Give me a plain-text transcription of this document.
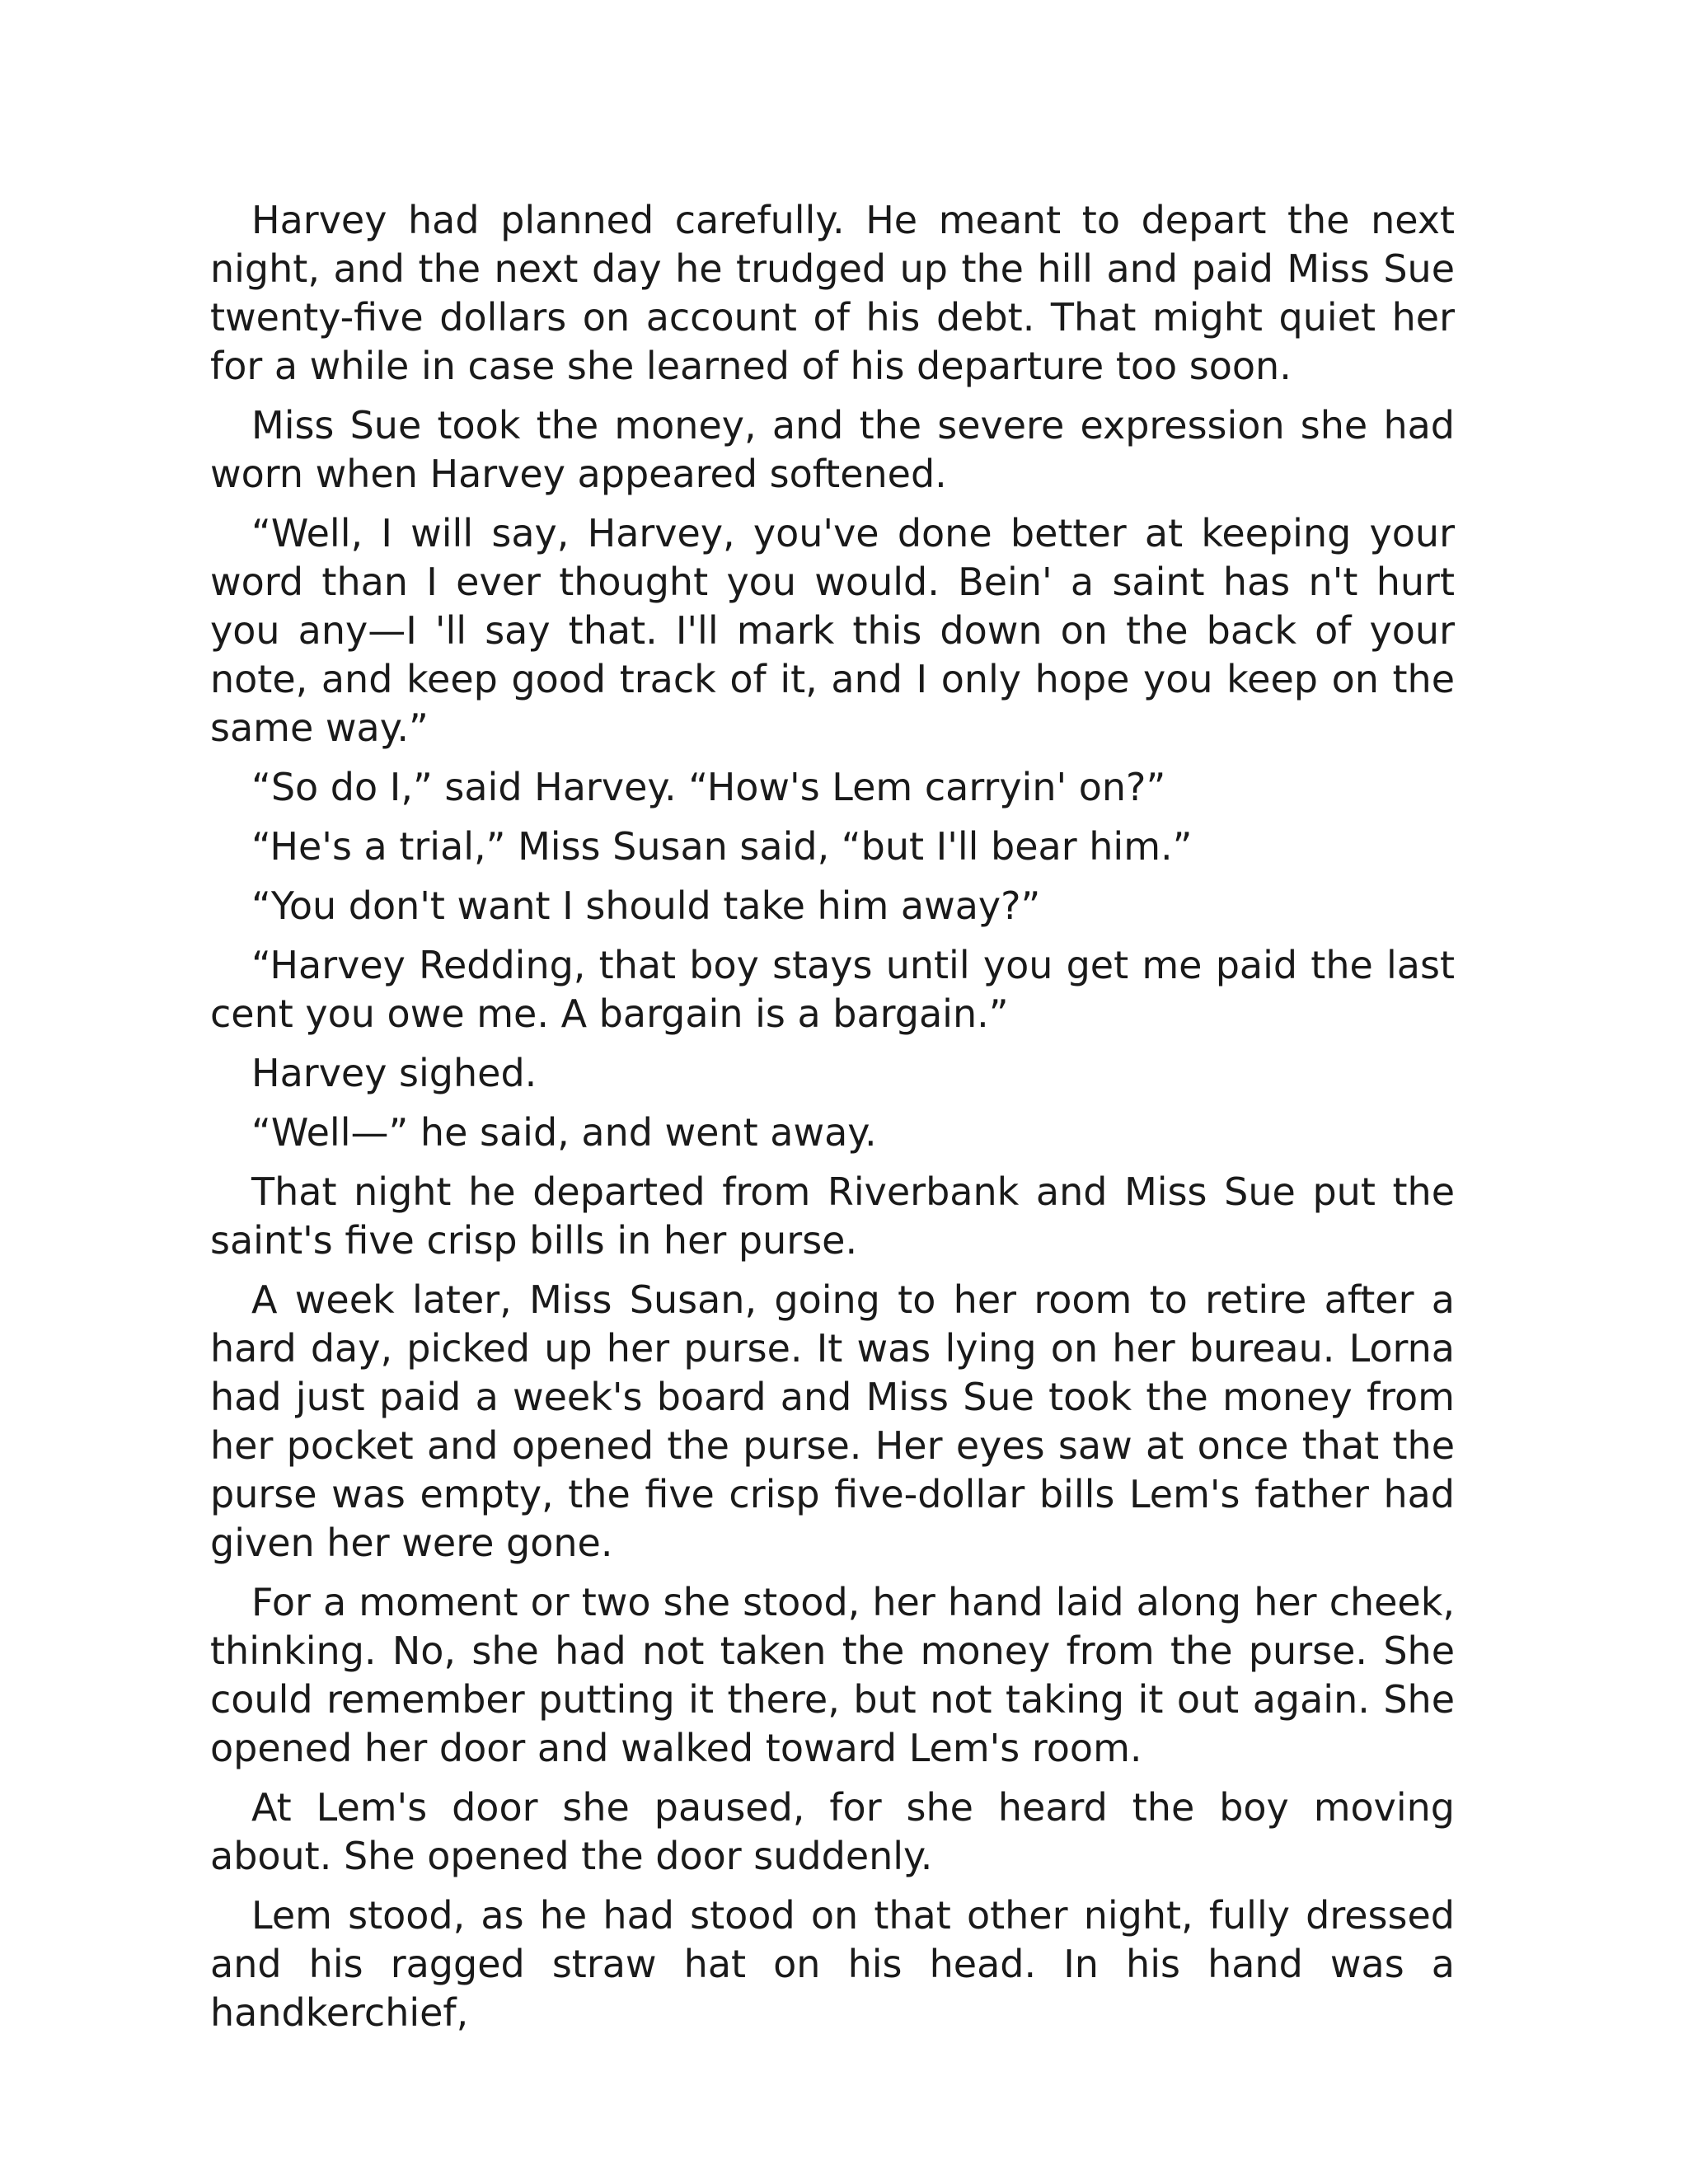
Harvey had planned carefully. He meant to depart the next night, and the next day he trudged up the hill and paid Miss Sue twenty-five dollars on account of his debt. That might quiet her for a while in case she learned of his departure too soon.

Miss Sue took the money, and the severe expression she had worn when Harvey appeared softened.

“Well, I will say, Harvey, you've done better at keeping your word than I ever thought you would. Bein' a saint has n't hurt you any—I 'll say that. I'll mark this down on the back of your note, and keep good track of it, and I only hope you keep on the same way.”

“So do I,” said Harvey. “How's Lem carryin' on?”

“He's a trial,” Miss Susan said, “but I'll bear him.”

“You don't want I should take him away?”

“Harvey Redding, that boy stays until you get me paid the last cent you owe me. A bargain is a bargain.”

Harvey sighed.

“Well—” he said, and went away.

That night he departed from Riverbank and Miss Sue put the saint's five crisp bills in her purse.

A week later, Miss Susan, going to her room to retire after a hard day, picked up her purse. It was lying on her bureau. Lorna had just paid a week's board and Miss Sue took the money from her pocket and opened the purse. Her eyes saw at once that the purse was empty, the five crisp five-dollar bills Lem's father had given her were gone.

For a moment or two she stood, her hand laid along her cheek, thinking. No, she had not taken the money from the purse. She could remember putting it there, but not taking it out again. She opened her door and walked toward Lem's room.

At Lem's door she paused, for she heard the boy moving about. She opened the door suddenly.

Lem stood, as he had stood on that other night, fully dressed and his ragged straw hat on his head. In his hand was a handkerchief,
